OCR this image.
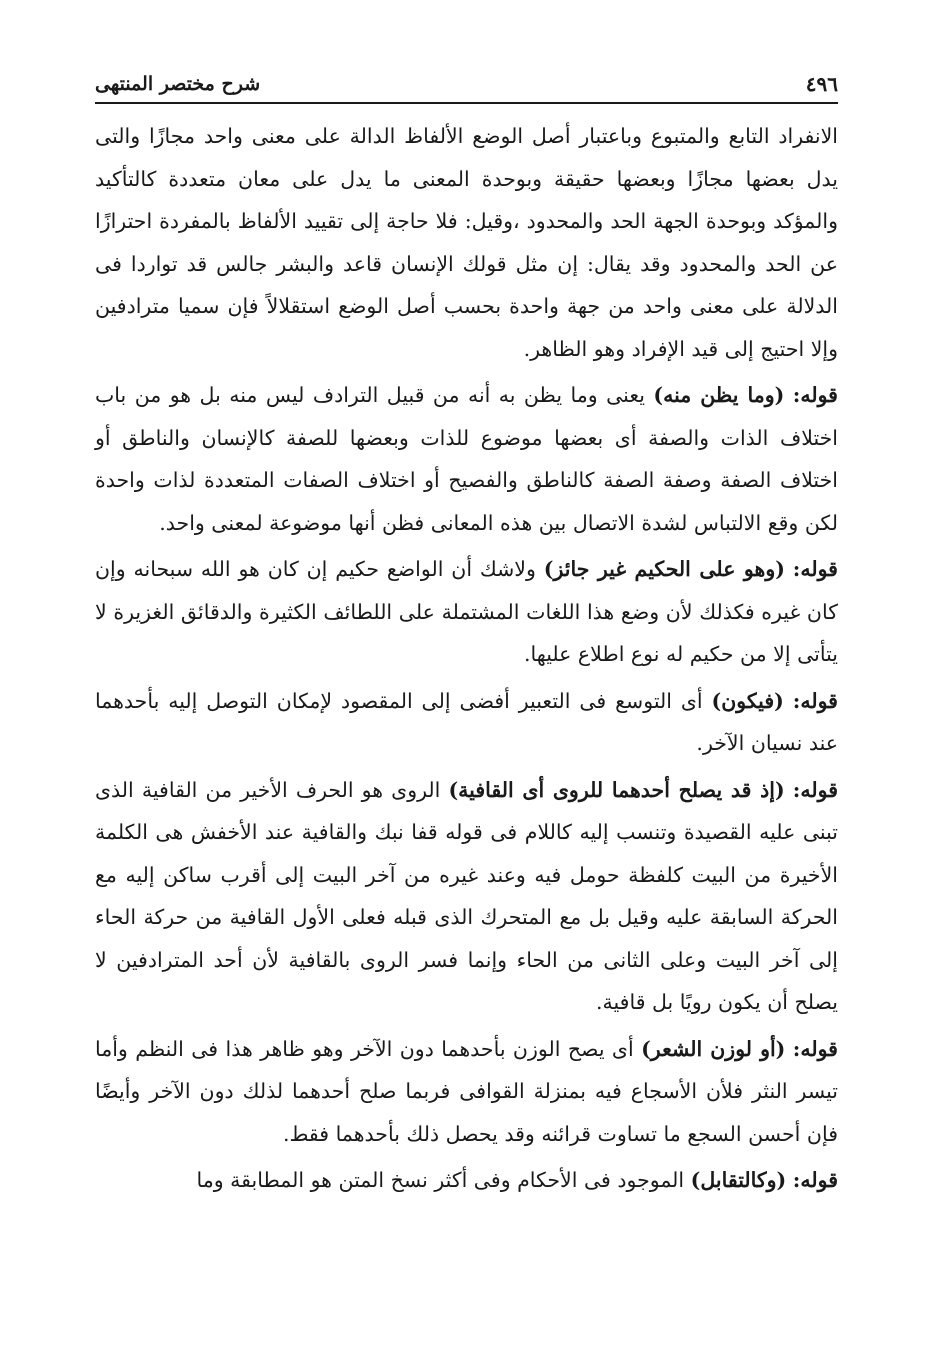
٤٩٦
شرح مختصر المنتهى

الانفراد التابع والمتبوع وباعتبار أصل الوضع الألفاظ الدالة على معنى واحد مجازًا والتى يدل بعضها مجازًا وبعضها حقيقة وبوحدة المعنى ما يدل على معان متعددة كالتأكيد والمؤكد وبوحدة الجهة الحد والمحدود ،وقيل: فلا حاجة إلى تقييد الألفاظ بالمفردة احترازًا عن الحد والمحدود وقد يقال: إن مثل قولك الإنسان قاعد والبشر جالس قد تواردا فى الدلالة على معنى واحد من جهة واحدة بحسب أصل الوضع استقلالاً فإن سميا مترادفين وإلا احتيج إلى قيد الإفراد وهو الظاهر.

قوله: (وما يظن منه) يعنى وما يظن به أنه من قبيل الترادف ليس منه بل هو من باب اختلاف الذات والصفة أى بعضها موضوع للذات وبعضها للصفة كالإنسان والناطق أو اختلاف الصفة وصفة الصفة كالناطق والفصيح أو اختلاف الصفات المتعددة لذات واحدة لكن وقع الالتباس لشدة الاتصال بين هذه المعانى فظن أنها موضوعة لمعنى واحد.

قوله: (وهو على الحكيم غير جائز) ولاشك أن الواضع حكيم إن كان هو الله سبحانه وإن كان غيره فكذلك لأن وضع هذا اللغات المشتملة على اللطائف الكثيرة والدقائق الغزيرة لا يتأتى إلا من حكيم له نوع اطلاع عليها.

قوله: (فيكون) أى التوسع فى التعبير أفضى إلى المقصود لإمكان التوصل إليه بأحدهما عند نسيان الآخر.

قوله: (إذ قد يصلح أحدهما للروى أى القافية) الروى هو الحرف الأخير من القافية الذى تبنى عليه القصيدة وتنسب إليه كاللام فى قوله قفا نبك والقافية عند الأخفش هى الكلمة الأخيرة من البيت كلفظة حومل فيه وعند غيره من آخر البيت إلى أقرب ساكن إليه مع الحركة السابقة عليه وقيل بل مع المتحرك الذى قبله فعلى الأول القافية من حركة الحاء إلى آخر البيت وعلى الثانى من الحاء وإنما فسر الروى بالقافية لأن أحد المترادفين لا يصلح أن يكون رويًا بل قافية.

قوله: (أو لوزن الشعر) أى يصح الوزن بأحدهما دون الآخر وهو ظاهر هذا فى النظم وأما تيسر النثر فلأن الأسجاع فيه بمنزلة القوافى فربما صلح أحدهما لذلك دون الآخر وأيضًا فإن أحسن السجع ما تساوت قرائنه وقد يحصل ذلك بأحدهما فقط.

قوله: (وكالتقابل) الموجود فى الأحكام وفى أكثر نسخ المتن هو المطابقة وما
